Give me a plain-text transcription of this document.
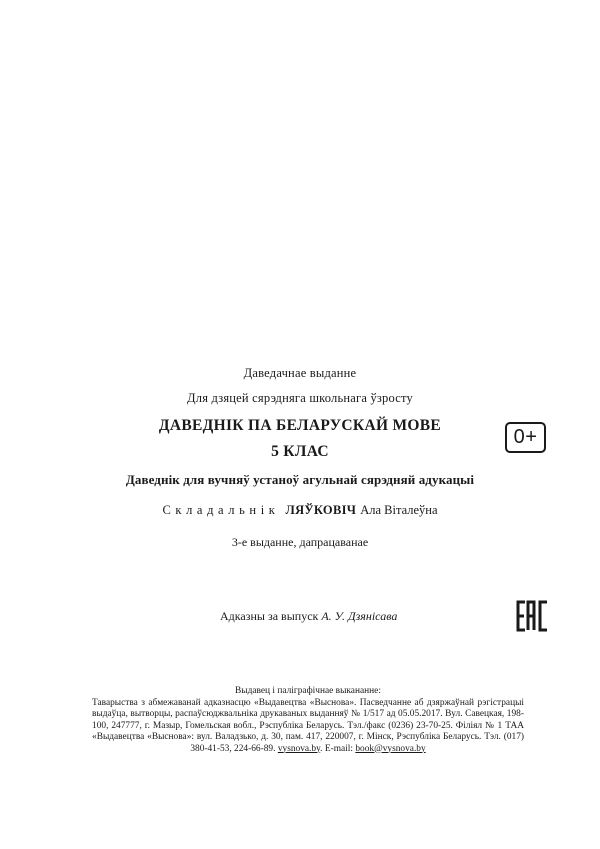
Даведачнае выданне
Для дзяцей сярэдняга школьнага ўзросту
ДАВЕДНІК ПА БЕЛАРУСКАЙ МОВЕ
5 КЛАС
0+
Даведнік для вучняў устаноў агульнай сярэдняй адукацыі
Складальнік ЛЯЎКОВІЧ Ала Віталеўна
3-е выданне, дапрацаванае
Адказны за выпуск А. У. Дзянісава
Выдавец і паліграфічнае выкананне:
Таварыства з абмежаванай адказнасцю «Выдавецтва «Выснова». Пасведчанне аб дзяржаўнай рэгістрацыі выдаўца, вытворцы, распаўсюджвальніка друкаваных выданняў № 1/517 ад 05.05.2017. Вул. Савецкая, 198-100, 247777, г. Мазыр, Гомельская вобл., Рэспубліка Беларусь. Тэл./факс (0236) 23-70-25. Філіял № 1 ТАА «Выдавецтва «Выснова»: вул. Валадзько, д. 30, пам. 417, 220007, г. Мінск, Рэспубліка Беларусь. Тэл. (017) 380-41-53, 224-66-89. vysnova.by. E-mail: book@vysnova.by
